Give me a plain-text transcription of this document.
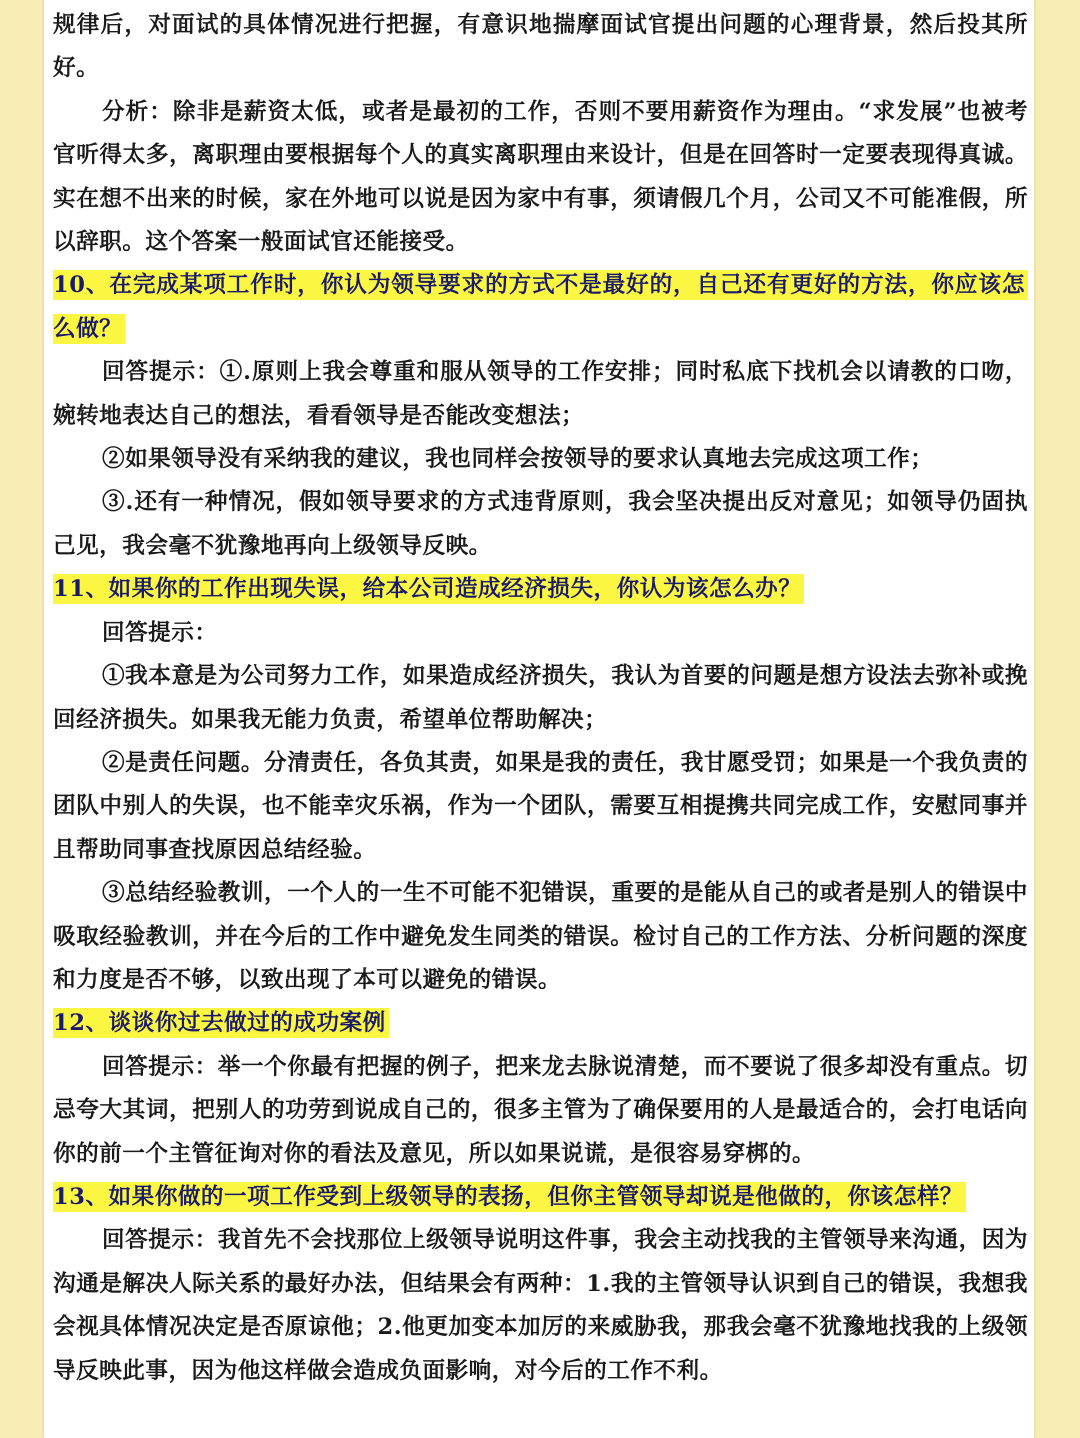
规律后，对面试的具体情况进行把握，有意识地揣摩面试官提出问题的心理背景，然后投其所好。

分析：除非是薪资太低，或者是最初的工作，否则不要用薪资作为理由。“求发展”也被考官听得太多，离职理由要根据每个人的真实离职理由来设计，但是在回答时一定要表现得真诚。实在想不出来的时候，家在外地可以说是因为家中有事，须请假几个月，公司又不可能准假，所以辞职。这个答案一般面试官还能接受。

10、在完成某项工作时，你认为领导要求的方式不是最好的，自己还有更好的方法，你应该怎么做？

回答提示：①.原则上我会尊重和服从领导的工作安排；同时私底下找机会以请教的口吻，婉转地表达自己的想法，看看领导是否能改变想法；

②如果领导没有采纳我的建议，我也同样会按领导的要求认真地去完成这项工作；

③.还有一种情况，假如领导要求的方式违背原则，我会坚决提出反对意见；如领导仍固执己见，我会毫不犹豫地再向上级领导反映。

11、如果你的工作出现失误，给本公司造成经济损失，你认为该怎么办？

回答提示：

①我本意是为公司努力工作，如果造成经济损失，我认为首要的问题是想方设法去弥补或挽回经济损失。如果我无能力负责，希望单位帮助解决；

②是责任问题。分清责任，各负其责，如果是我的责任，我甘愿受罚；如果是一个我负责的团队中别人的失误，也不能幸灾乐祸，作为一个团队，需要互相提携共同完成工作，安慰同事并且帮助同事查找原因总结经验。

③总结经验教训，一个人的一生不可能不犯错误，重要的是能从自己的或者是别人的错误中吸取经验教训，并在今后的工作中避免发生同类的错误。检讨自己的工作方法、分析问题的深度和力度是否不够，以致出现了本可以避免的错误。

12、谈谈你过去做过的成功案例

回答提示：举一个你最有把握的例子，把来龙去脉说清楚，而不要说了很多却没有重点。切忌夸大其词，把别人的功劳到说成自己的，很多主管为了确保要用的人是最适合的，会打电话向你的前一个主管征询对你的看法及意见，所以如果说谎，是很容易穿梆的。

13、如果你做的一项工作受到上级领导的表扬，但你主管领导却说是他做的，你该怎样？

回答提示：我首先不会找那位上级领导说明这件事，我会主动找我的主管领导来沟通，因为沟通是解决人际关系的最好办法，但结果会有两种：1.我的主管领导认识到自己的错误，我想我会视具体情况决定是否原谅他；2.他更加变本加厉的来威胁我，那我会毫不犹豫地找我的上级领导反映此事，因为他这样做会造成负面影响，对今后的工作不利。
